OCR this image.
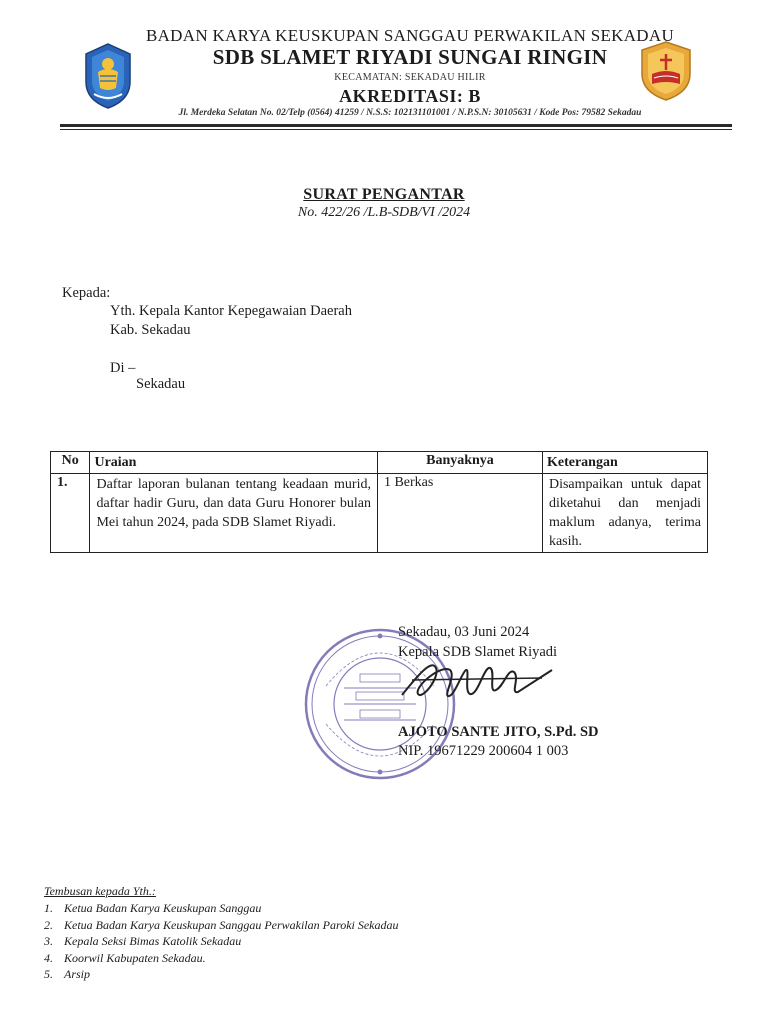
BADAN KARYA KEUSKUPAN SANGGAU PERWAKILAN SEKADAU
SDB SLAMET RIYADI SUNGAI RINGIN
KECAMATAN: SEKADAU HILIR
AKREDITASI: B
Jl. Merdeka Selatan No. 02/Telp (0564) 41259 / N.S.S: 102131101001 / N.P.S.N: 30105631 / Kode Pos: 79582 Sekadau
SURAT PENGANTAR
No. 422/26 /L.B-SDB/VI /2024
Kepada:
Yth. Kepala Kantor Kepegawaian Daerah
Kab. Sekadau
Di –
Sekadau
No	Uraian	Banyaknya	Keterangan
1.	Daftar laporan bulanan tentang keadaan murid, daftar hadir Guru, dan data Guru Honorer bulan Mei tahun 2024, pada SDB Slamet Riyadi.	1 Berkas	Disampaikan untuk dapat diketahui dan menjadi maklum adanya, terima kasih.
Sekadau, 03 Juni 2024
Kepala SDB Slamet Riyadi
AJOTO SANTE JITO, S.Pd. SD
NIP. 19671229 200604 1 003
Tembusan kepada Yth.:
1. Ketua Badan Karya Keuskupan Sanggau
2. Ketua Badan Karya Keuskupan Sanggau Perwakilan Paroki Sekadau
3. Kepala Seksi Bimas Katolik Sekadau
4. Koorwil Kabupaten Sekadau.
5. Arsip
